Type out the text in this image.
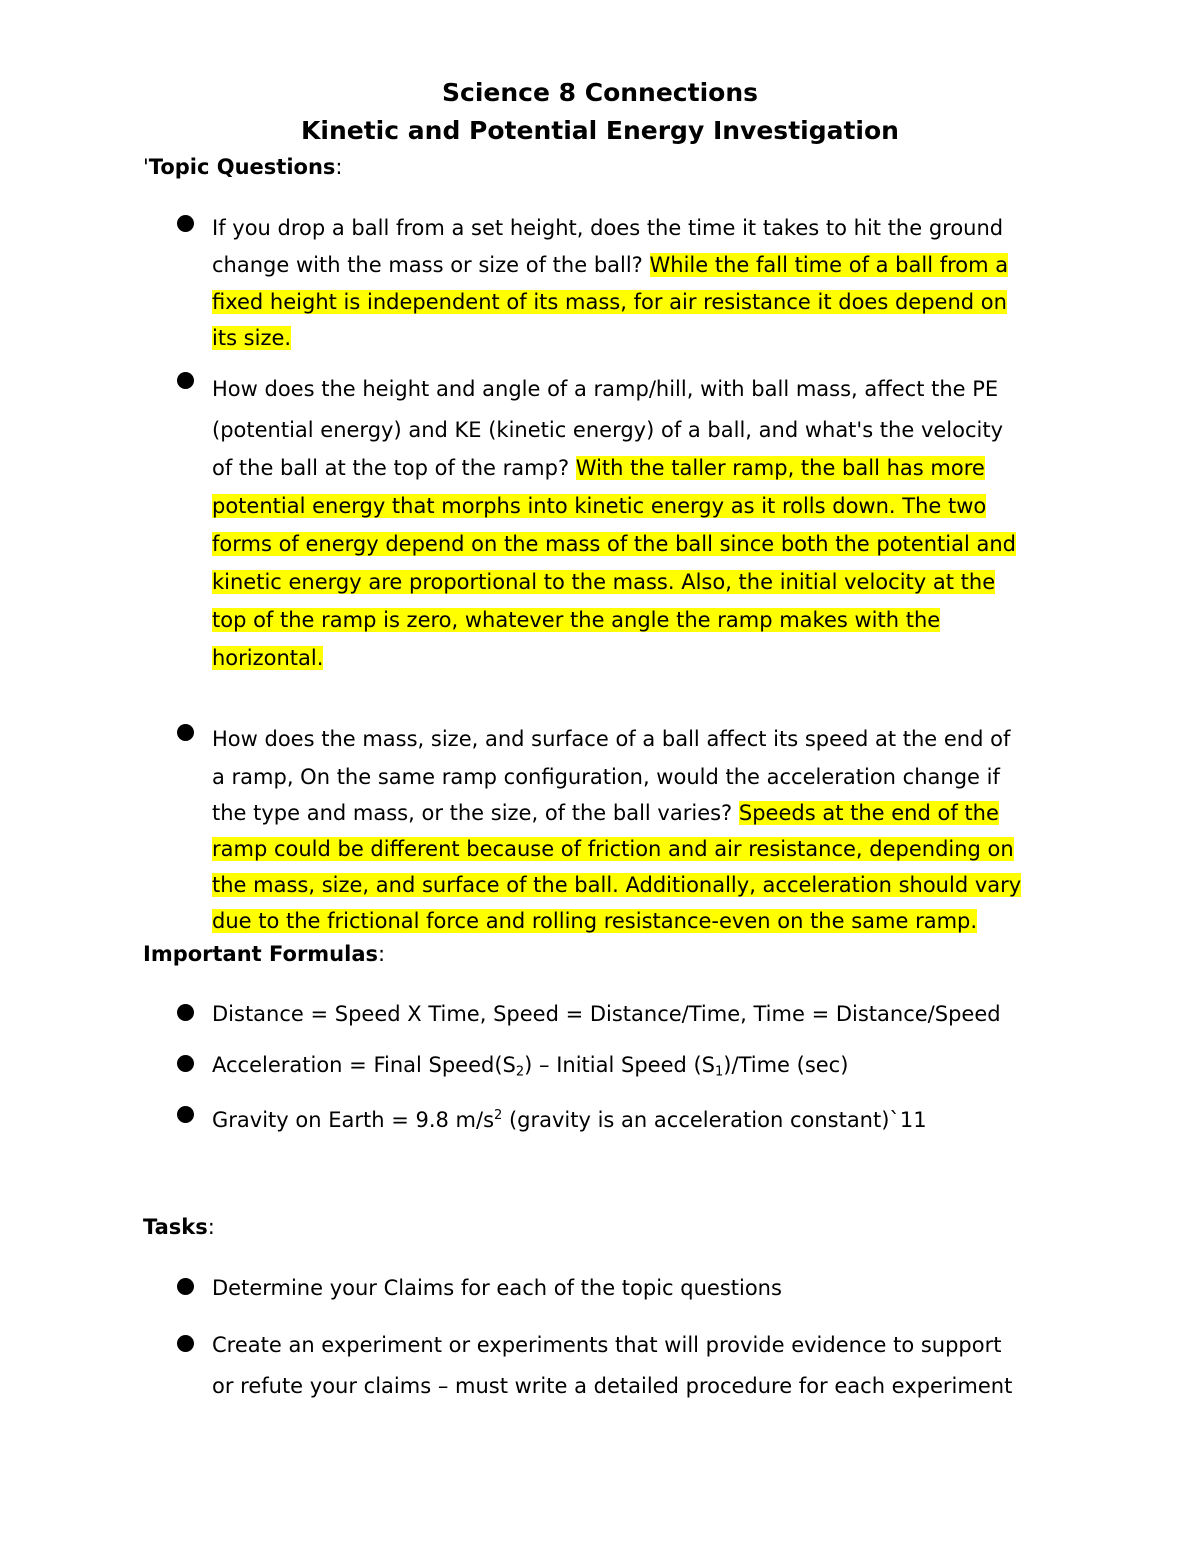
Science 8 Connections
Kinetic and Potential Energy Investigation

'Topic Questions:

If you drop a ball from a set height, does the time it takes to hit the ground
change with the mass or size of the ball? While the fall time of a ball from a
fixed height is independent of its mass, for air resistance it does depend on
its size.
How does the height and angle of a ramp/hill, with ball mass, affect the PE
(potential energy) and KE (kinetic energy) of a ball, and what's the velocity
of the ball at the top of the ramp? With the taller ramp, the ball has more
potential energy that morphs into kinetic energy as it rolls down. The two
forms of energy depend on the mass of the ball since both the potential and
kinetic energy are proportional to the mass. Also, the initial velocity at the
top of the ramp is zero, whatever the angle the ramp makes with the
horizontal.
How does the mass, size, and surface of a ball affect its speed at the end of
a ramp, On the same ramp configuration, would the acceleration change if
the type and mass, or the size, of the ball varies? Speeds at the end of the
ramp could be different because of friction and air resistance, depending on
the mass, size, and surface of the ball. Additionally, acceleration should vary
due to the frictional force and rolling resistance-even on the same ramp.

Important Formulas:

Distance = Speed X Time, Speed = Distance/Time, Time = Distance/Speed
Acceleration = Final $Speed(S_2)$ – Initial Speed $(S_1)$/Time (sec)
Gravity on Earth = 9.8 $m/s^2$ (gravity is an acceleration constant)`11

Tasks:

Determine your Claims for each of the topic questions
Create an experiment or experiments that will provide evidence to support
or refute your claims – must write a detailed procedure for each experiment
